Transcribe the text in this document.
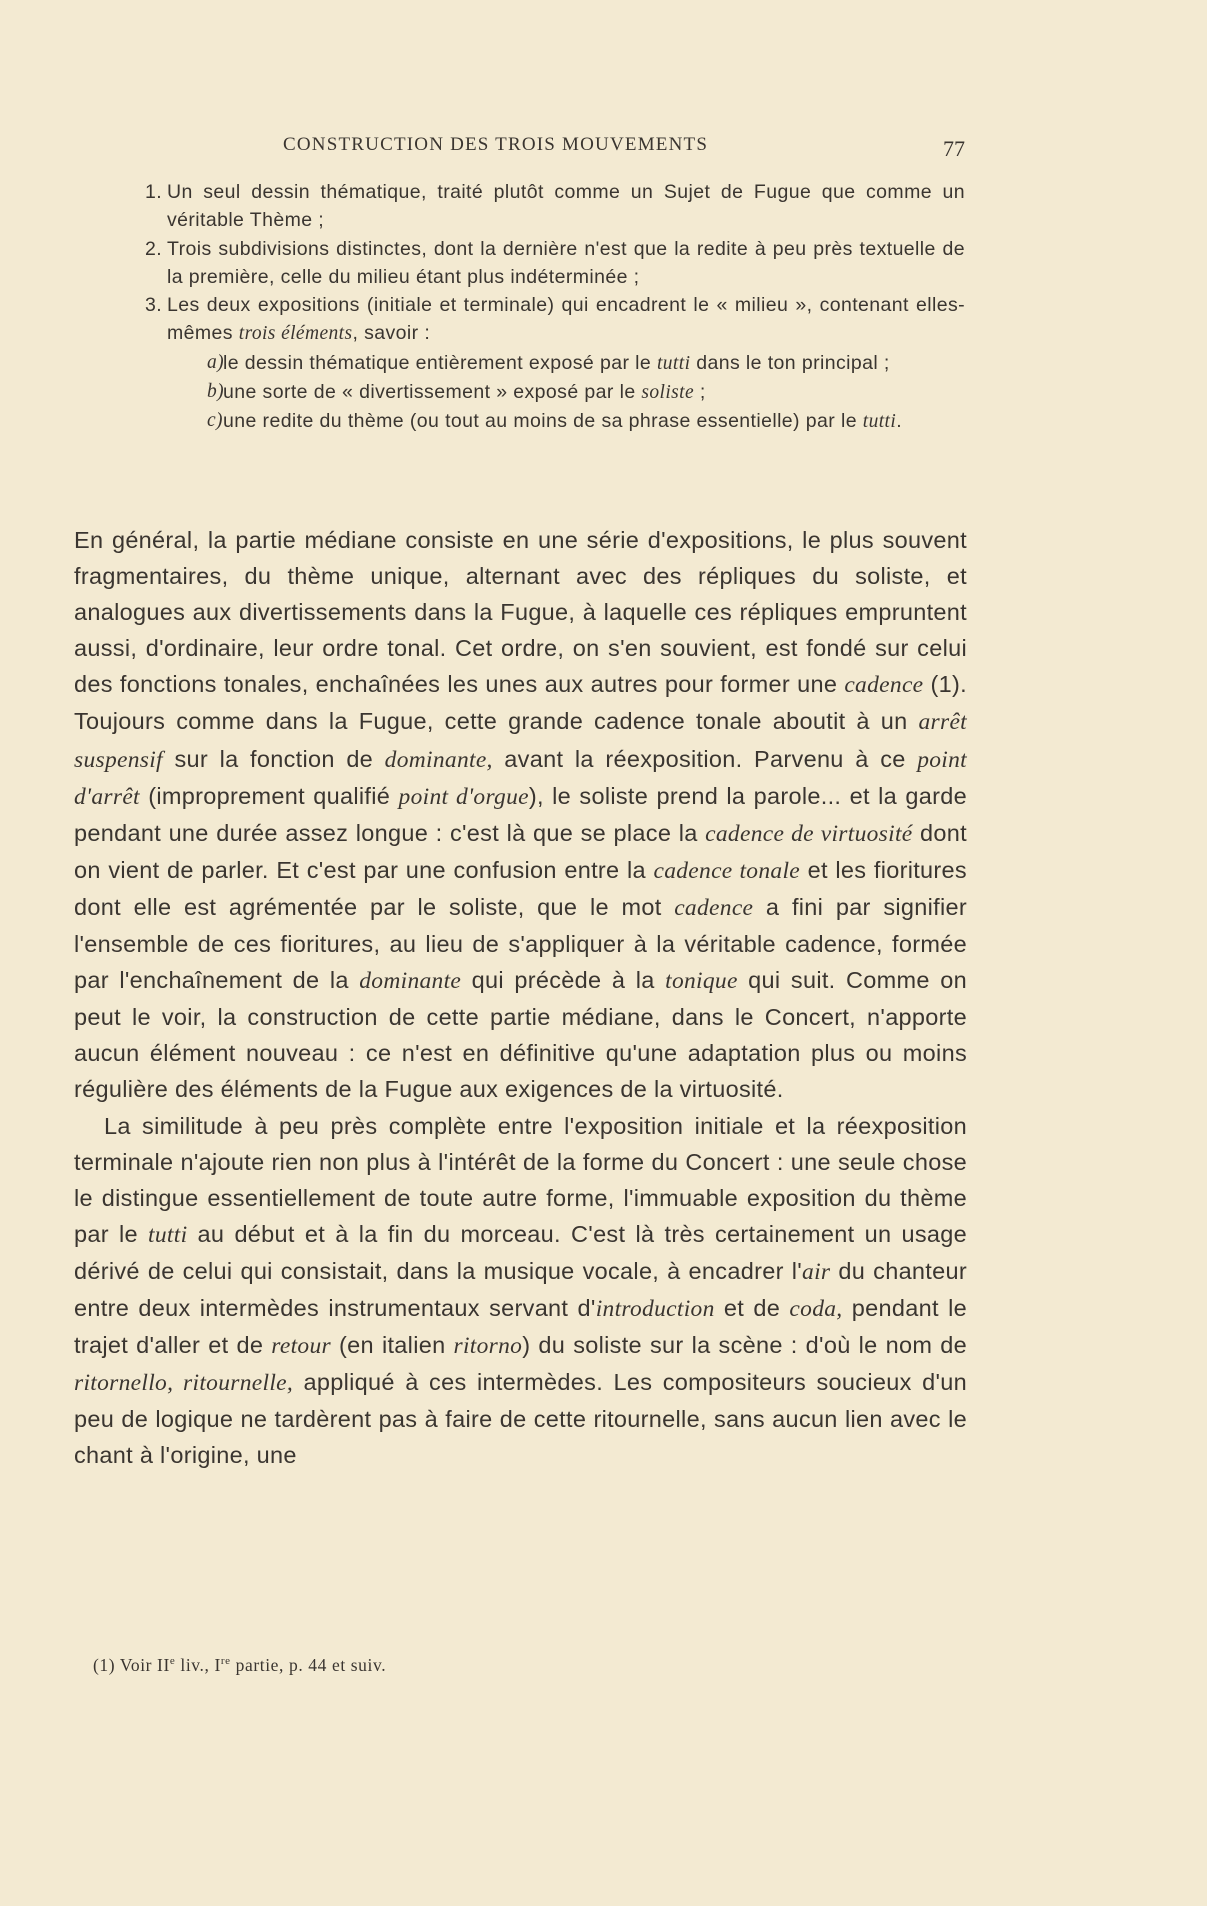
CONSTRUCTION DES TROIS MOUVEMENTS	77
1. Un seul dessin thématique, traité plutôt comme un Sujet de Fugue que comme un véritable Thème ;
2. Trois subdivisions distinctes, dont la dernière n'est que la redite à peu près textuelle de la première, celle du milieu étant plus indéterminée ;
3. Les deux expositions (initiale et terminale) qui encadrent le « milieu », contenant elles-mêmes trois éléments, savoir :
a)
le dessin thématique entièrement exposé par le tutti dans le ton principal ;
b)
une sorte de « divertissement » exposé par le soliste ;
c) une redite du thème (ou tout au moins de sa phrase essentielle) par le tutti.

En général, la partie médiane consiste en une série d'expositions, le plus souvent fragmentaires, du thème unique, alternant avec des répliques du soliste, et analogues aux divertissements dans la Fugue, à laquelle ces répliques empruntent aussi, d'ordinaire, leur ordre tonal. Cet ordre, on s'en souvient, est fondé sur celui des fonctions tonales, enchaînées les unes aux autres pour former une cadence (1). Toujours comme dans la Fugue, cette grande cadence tonale aboutit à un arrêt suspensif sur la fonction de dominante, avant la réexposition. Parvenu à ce point d'arrêt (improprement qualifié point d'orgue), le soliste prend la parole... et la garde pendant une durée assez longue : c'est là que se place la cadence de virtuosité dont on vient de parler. Et c'est par une confusion entre la cadence tonale et les fioritures dont elle est agrémentée par le soliste, que le mot cadence a fini par signifier l'ensemble de ces fioritures, au lieu de s'appliquer à la véritable cadence, formée par l'enchaînement de la dominante qui précède à la tonique qui suit. Comme on peut le voir, la construction de cette partie médiane, dans le Concert, n'apporte aucun élément nouveau : ce n'est en définitive qu'une adaptation plus ou moins régulière des éléments de la Fugue aux exigences de la virtuosité.

La similitude à peu près complète entre l'exposition initiale et la réexposition terminale n'ajoute rien non plus à l'intérêt de la forme du Concert : une seule chose le distingue essentiellement de toute autre forme, l'immuable exposition du thème par le tutti au début et à la fin du morceau. C'est là très certainement un usage dérivé de celui qui consistait, dans la musique vocale, à encadrer l'air du chanteur entre deux intermèdes instrumentaux servant d'introduction et de coda, pendant le trajet d'aller et de retour (en italien ritorno) du soliste sur la scène : d'où le nom de ritornello, ritournelle, appliqué à ces intermèdes. Les compositeurs soucieux d'un peu de logique ne tardèrent pas à faire de cette ritournelle, sans aucun lien avec le chant à l'origine, une

(1) Voir IIe liv., Ire partie, p. 44 et suiv.
